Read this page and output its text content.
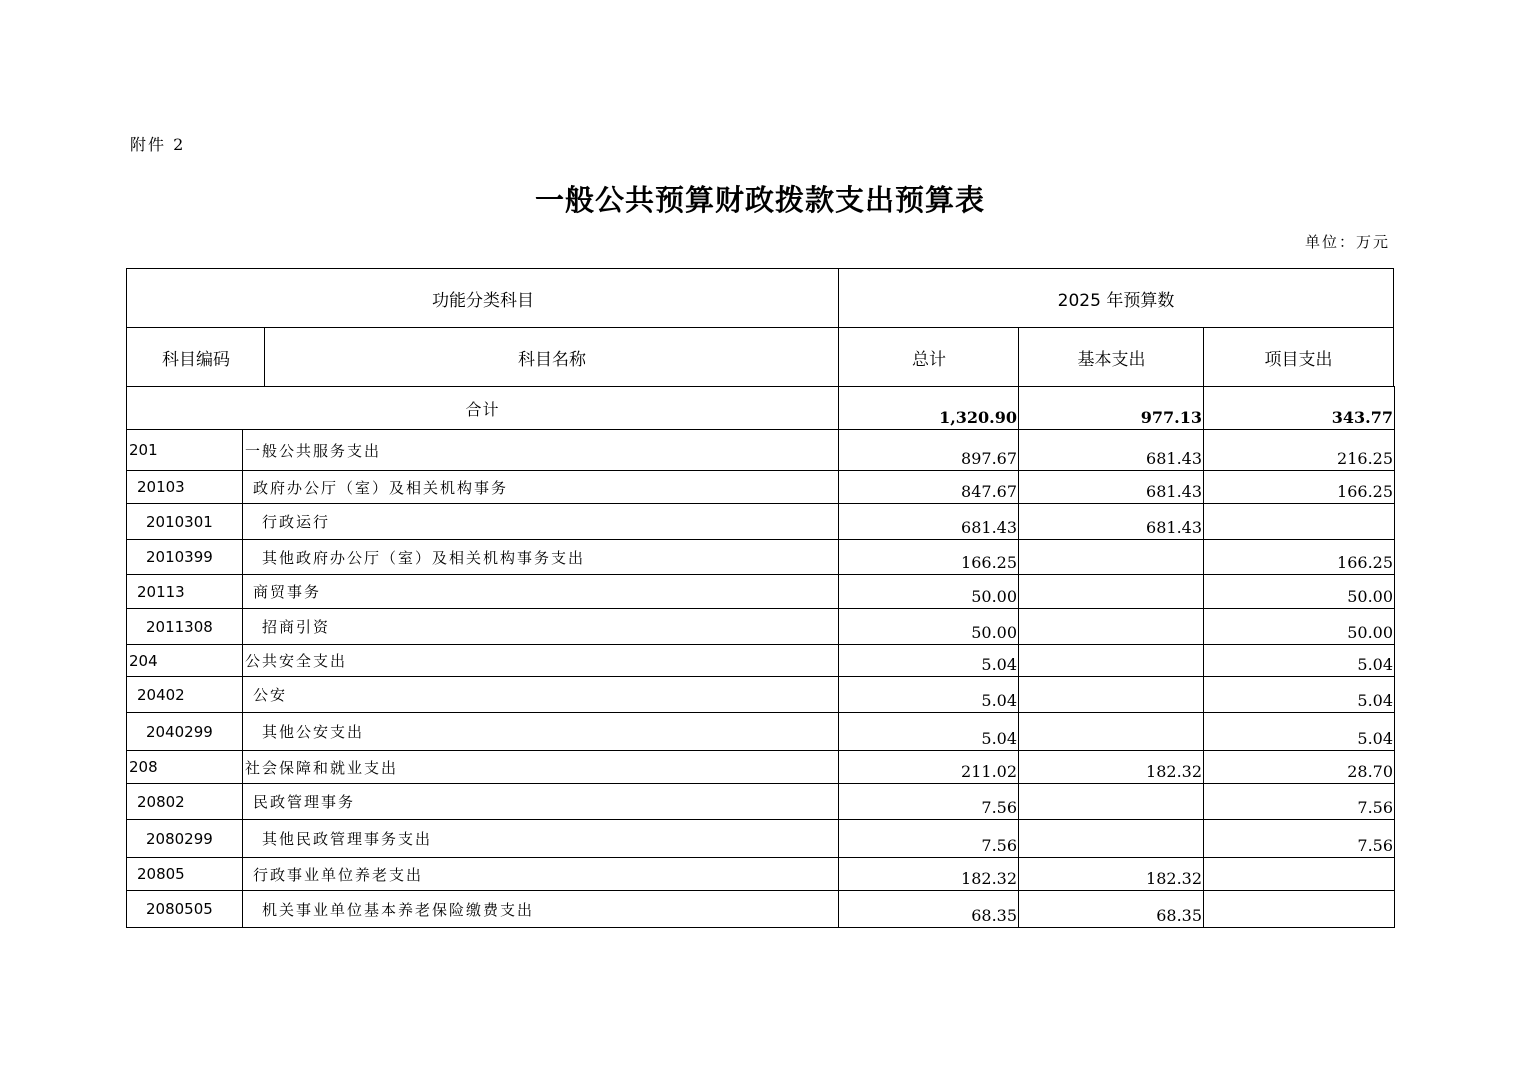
附件 2
一般公共预算财政拨款支出预算表
单位：万元
功能分类科目	2025 年预算数
科目编码	科目名称	总计	基本支出	项目支出
合计		1,320.90	977.13	343.77
201	一般公共服务支出	897.67	681.43	216.25
20103	政府办公厅（室）及相关机构事务	847.67	681.43	166.25
2010301	行政运行	681.43	681.43	
2010399	其他政府办公厅（室）及相关机构事务支出	166.25		166.25
20113	商贸事务	50.00		50.00
2011308	招商引资	50.00		50.00
204	公共安全支出	5.04		5.04
20402	公安	5.04		5.04
2040299	其他公安支出	5.04		5.04
208	社会保障和就业支出	211.02	182.32	28.70
20802	民政管理事务	7.56		7.56
2080299	其他民政管理事务支出	7.56		7.56
20805	行政事业单位养老支出	182.32	182.32	
2080505	机关事业单位基本养老保险缴费支出	68.35	68.35	
